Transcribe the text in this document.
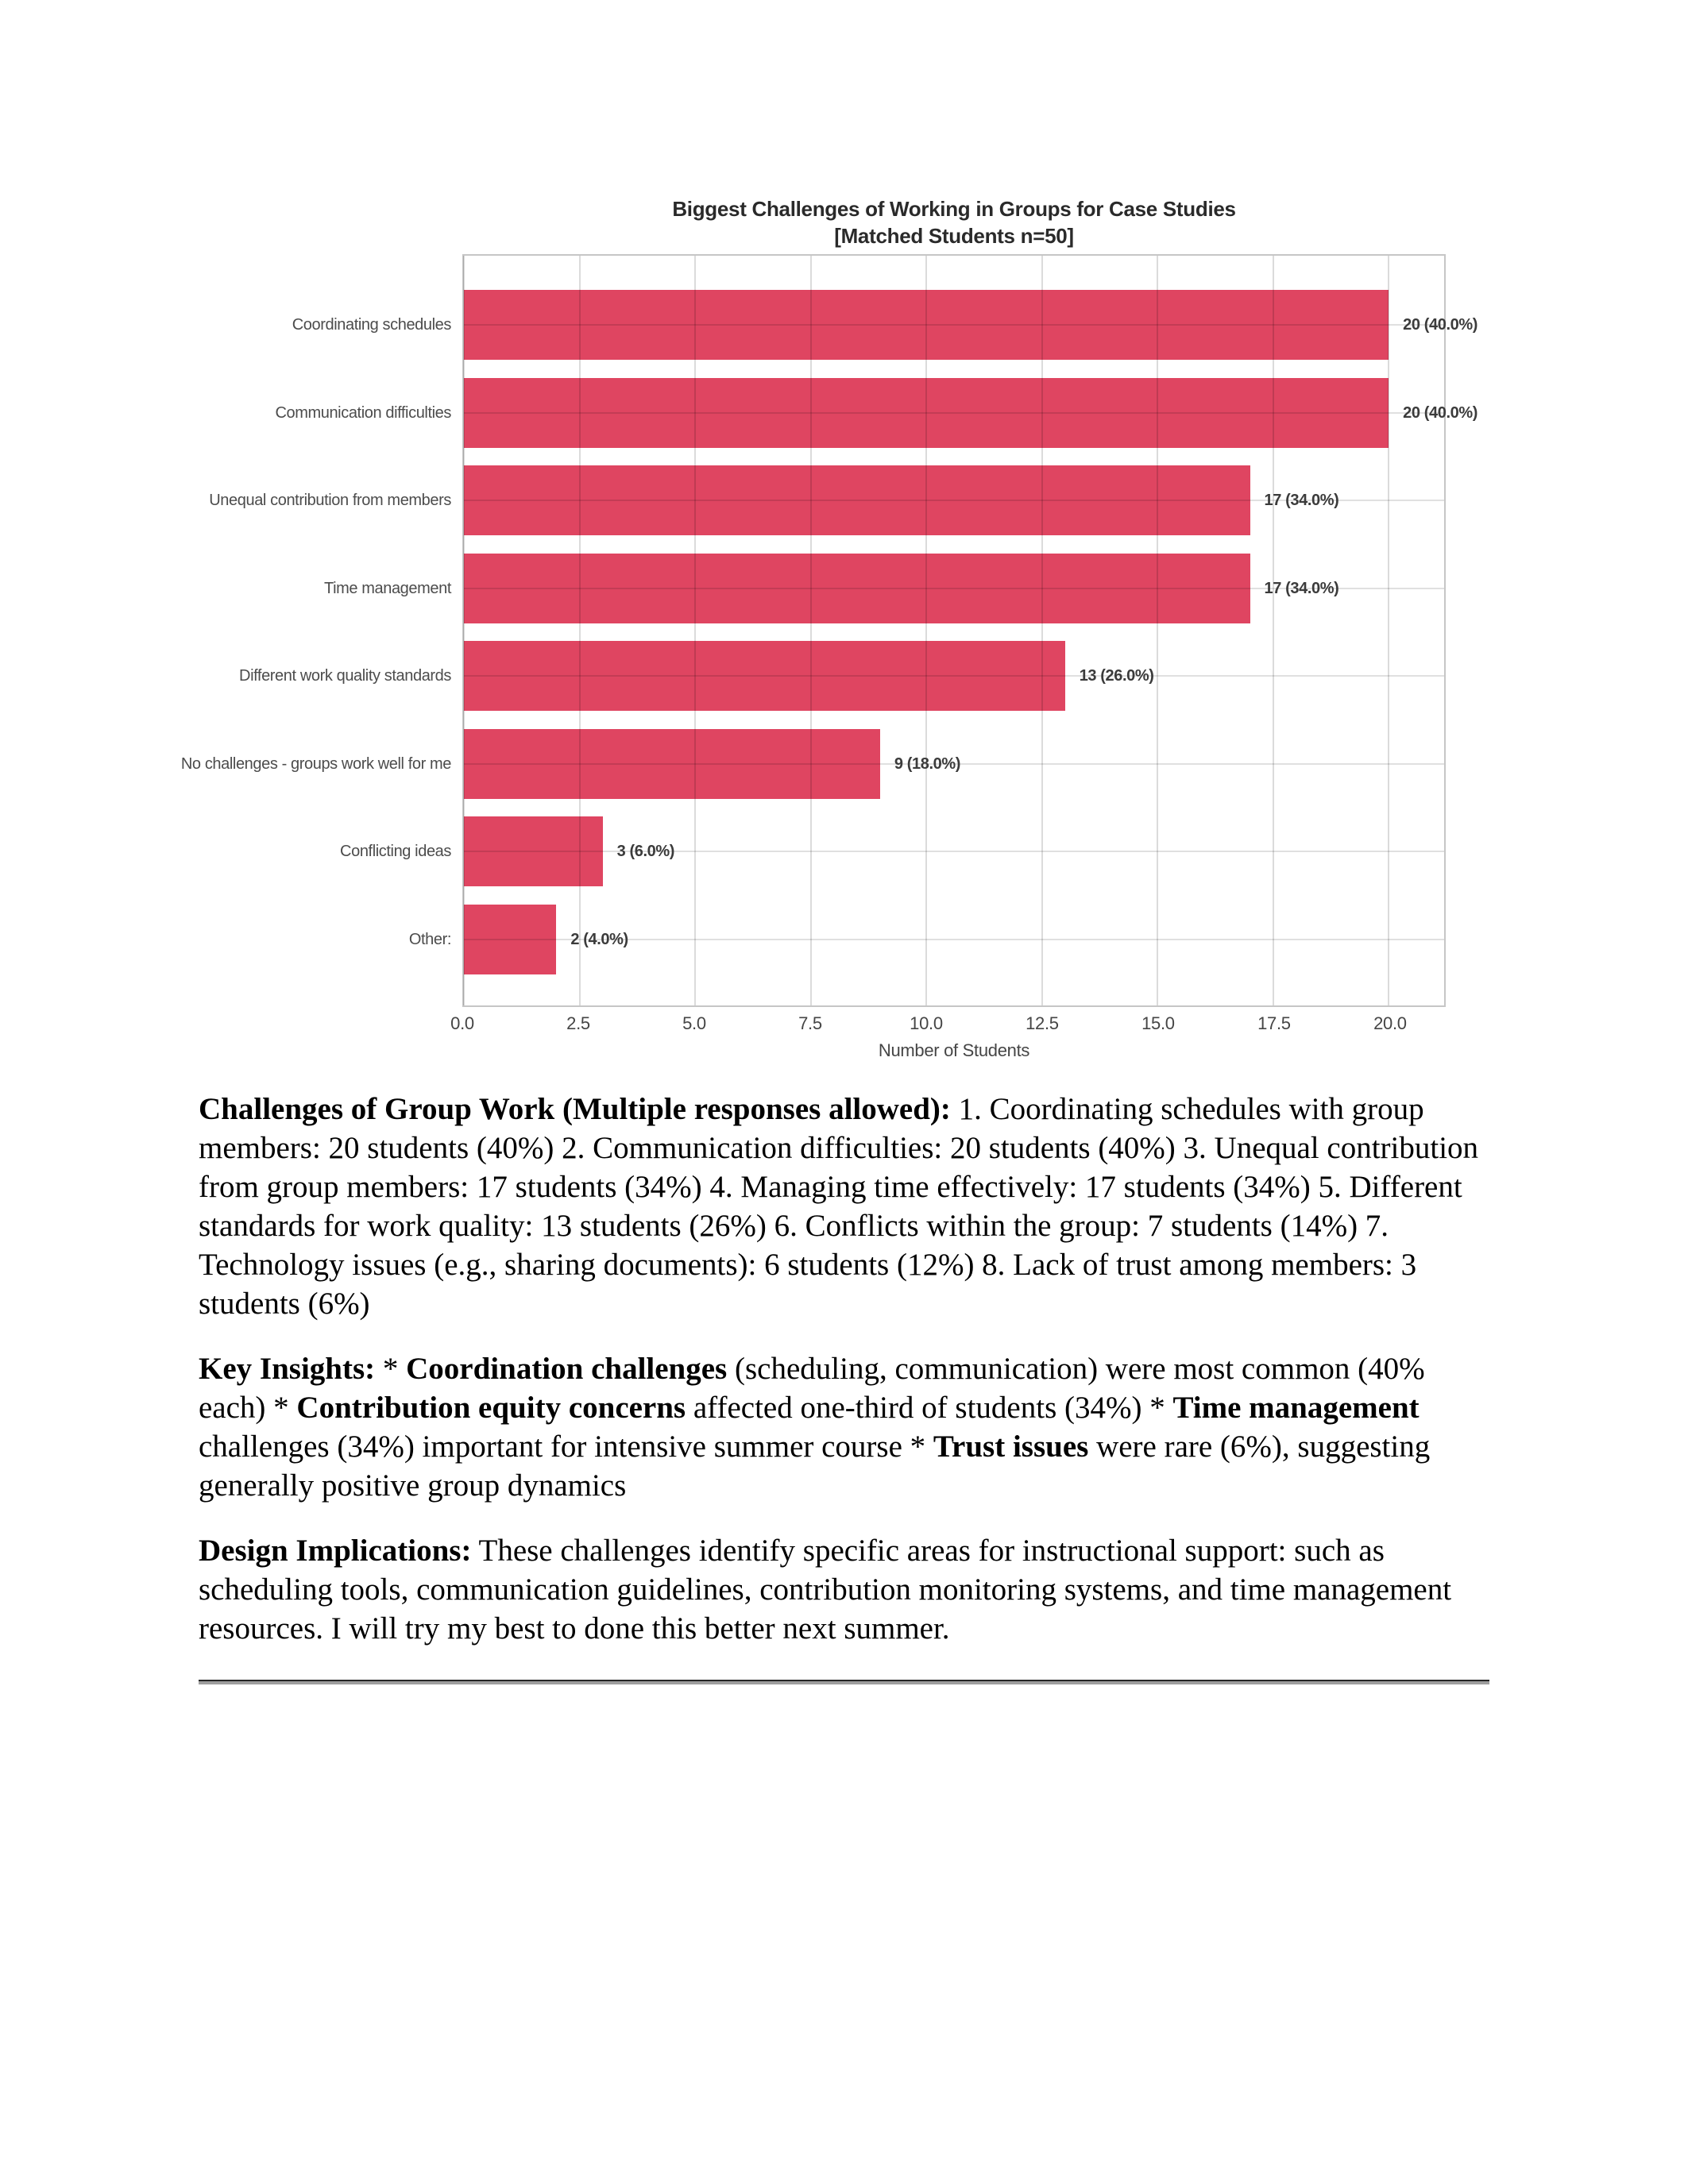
Biggest Challenges of Working in Groups for Case Studies
[Matched Students n=50]
20 (40.0%)
Coordinating schedules
20 (40.0%)
Communication difficulties
17 (34.0%)
Unequal contribution from members
17 (34.0%)
Time management
13 (26.0%)
Different work quality standards
9 (18.0%)
No challenges - groups work well for me
3 (6.0%)
Conflicting ideas
2 (4.0%)
Other:
0.0	2.5	5.0	7.5	10.0	12.5	15.0	17.5	20.0
Number of Students

Challenges of Group Work (Multiple responses allowed): 1. Coordinating schedules with group members: 20 students (40%) 2. Communication difficulties: 20 students (40%) 3. Unequal contribution from group members: 17 students (34%) 4. Managing time effectively: 17 students (34%) 5. Different standards for work quality: 13 students (26%) 6. Conflicts within the group: 7 students (14%) 7. Technology issues (e.g., sharing documents): 6 students (12%) 8. Lack of trust among members: 3 students (6%)

Key Insights: * Coordination challenges (scheduling, communication) were most common (40% each) * Contribution equity concerns affected one-third of students (34%) * Time management challenges (34%) important for intensive summer course * Trust issues were rare (6%), suggesting generally positive group dynamics

Design Implications: These challenges identify specific areas for instructional support: such as scheduling tools, communication guidelines, contribution monitoring systems, and time management resources. I will try my best to done this better next summer.
